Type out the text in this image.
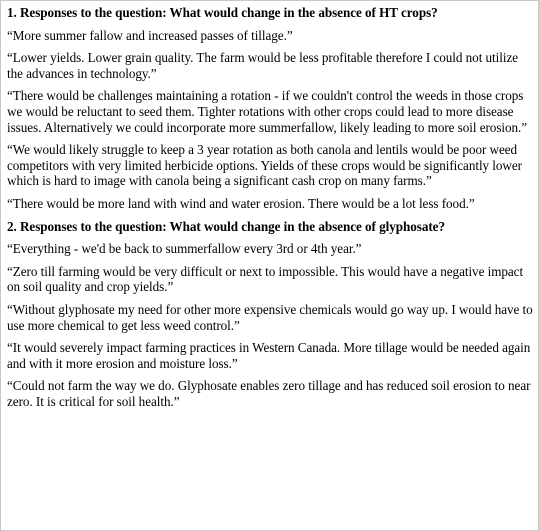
1. Responses to the question: What would change in the absence of HT crops?
“More summer fallow and increased passes of tillage.”
“Lower yields. Lower grain quality. The farm would be less profitable therefore I could not utilize the advances in technology.”
“There would be challenges maintaining a rotation - if we couldn't control the weeds in those crops we would be reluctant to seed them. Tighter rotations with other crops could lead to more disease issues. Alternatively we could incorporate more summerfallow, likely leading to more soil erosion.”
“We would likely struggle to keep a 3 year rotation as both canola and lentils would be poor weed competitors with very limited herbicide options. Yields of these crops would be significantly lower which is hard to image with canola being a significant cash crop on many farms.”
“There would be more land with wind and water erosion. There would be a lot less food.”
2. Responses to the question: What would change in the absence of glyphosate?
“Everything - we'd be back to summerfallow every 3rd or 4th year.”
“Zero till farming would be very difficult or next to impossible. This would have a negative impact on soil quality and crop yields.”
“Without glyphosate my need for other more expensive chemicals would go way up. I would have to use more chemical to get less weed control.”
“It would severely impact farming practices in Western Canada. More tillage would be needed again and with it more erosion and moisture loss.”
“Could not farm the way we do. Glyphosate enables zero tillage and has reduced soil erosion to near zero. It is critical for soil health.”
